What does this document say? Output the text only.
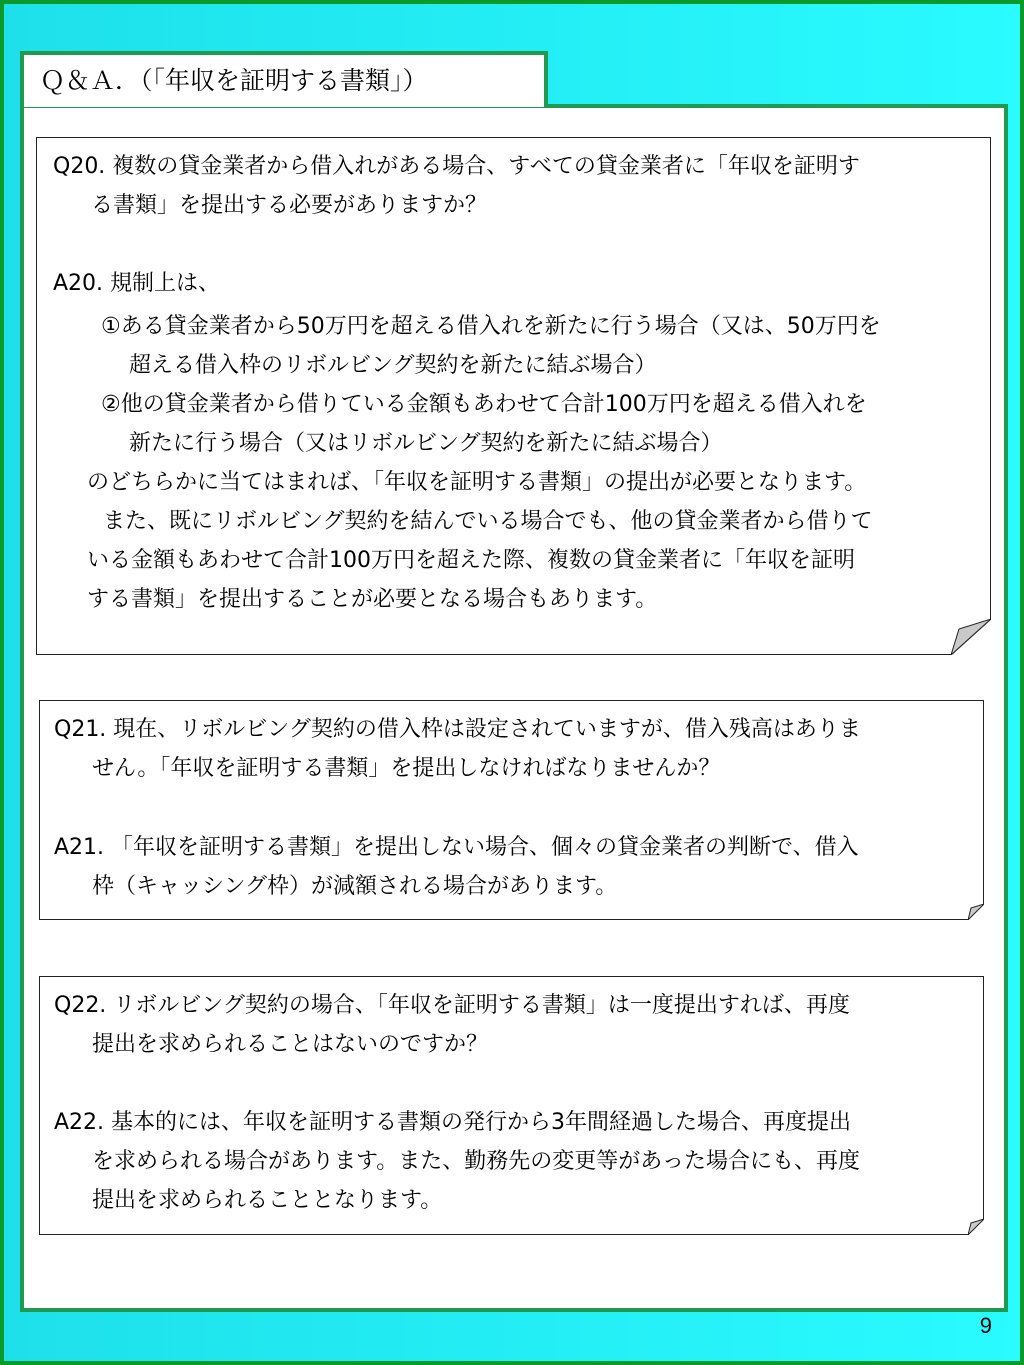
Ｑ＆Ａ．（「年収を証明する書類」）
Q20. 複数の貸金業者から借入れがある場合、すべての貸金業者に「年収を証明す
る書類」を提出する必要がありますか？
A20. 規制上は、
①ある貸金業者から50万円を超える借入れを新たに行う場合（又は、50万円を
超える借入枠のリボルビング契約を新たに結ぶ場合）
②他の貸金業者から借りている金額もあわせて合計100万円を超える借入れを
新たに行う場合（又はリボルビング契約を新たに結ぶ場合）
のどちらかに当てはまれば、「年収を証明する書類」の提出が必要となります。
また、既にリボルビング契約を結んでいる場合でも、他の貸金業者から借りて
いる金額もあわせて合計100万円を超えた際、複数の貸金業者に「年収を証明
する書類」を提出することが必要となる場合もあります。
Q21. 現在、リボルビング契約の借入枠は設定されていますが、借入残高はありま
せん。「年収を証明する書類」を提出しなければなりませんか？
A21. 「年収を証明する書類」を提出しない場合、個々の貸金業者の判断で、借入
枠（キャッシング枠）が減額される場合があります。
Q22. リボルビング契約の場合、「年収を証明する書類」は一度提出すれば、再度
提出を求められることはないのですか？
A22. 基本的には、年収を証明する書類の発行から3年間経過した場合、再度提出
を求められる場合があります。また、勤務先の変更等があった場合にも、再度
提出を求められることとなります。
9
